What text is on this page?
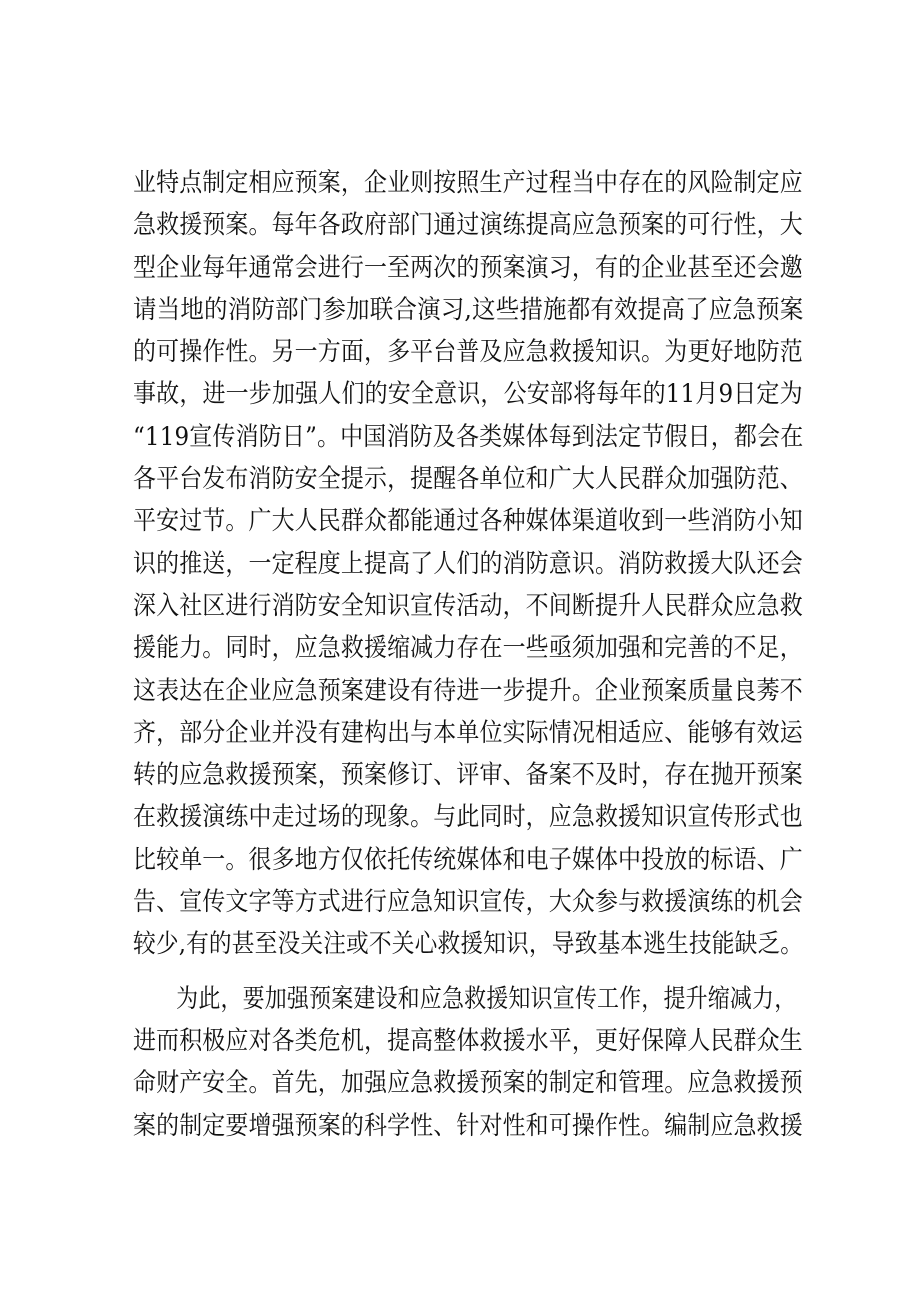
业特点制定相应预案，企业则按照生产过程当中存在的风险制定应
急救援预案。每年各政府部门通过演练提高应急预案的可行性，大
型企业每年通常会进行一至两次的预案演习，有的企业甚至还会邀
请当地的消防部门参加联合演习,这些措施都有效提高了应急预案
的可操作性。另一方面，多平台普及应急救援知识。为更好地防范
事故，进一步加强人们的安全意识，公安部将每年的11月9日定为
“119宣传消防日”。中国消防及各类媒体每到法定节假日，都会在
各平台发布消防安全提示，提醒各单位和广大人民群众加强防范、
平安过节。广大人民群众都能通过各种媒体渠道收到一些消防小知
识的推送，一定程度上提高了人们的消防意识。消防救援大队还会
深入社区进行消防安全知识宣传活动，不间断提升人民群众应急救
援能力。同时，应急救援缩减力存在一些亟须加强和完善的不足，
这表达在企业应急预案建设有待进一步提升。企业预案质量良莠不
齐，部分企业并没有建构出与本单位实际情况相适应、能够有效运
转的应急救援预案，预案修订、评审、备案不及时，存在抛开预案
在救援演练中走过场的现象。与此同时，应急救援知识宣传形式也
比较单一。很多地方仅依托传统媒体和电子媒体中投放的标语、广
告、宣传文字等方式进行应急知识宣传，大众参与救援演练的机会
较少,有的甚至没关注或不关心救援知识，导致基本逃生技能缺乏。
为此，要加强预案建设和应急救援知识宣传工作，提升缩减力，
进而积极应对各类危机，提高整体救援水平，更好保障人民群众生
命财产安全。首先，加强应急救援预案的制定和管理。应急救援预
案的制定要增强预案的科学性、针对性和可操作性。编制应急救援
